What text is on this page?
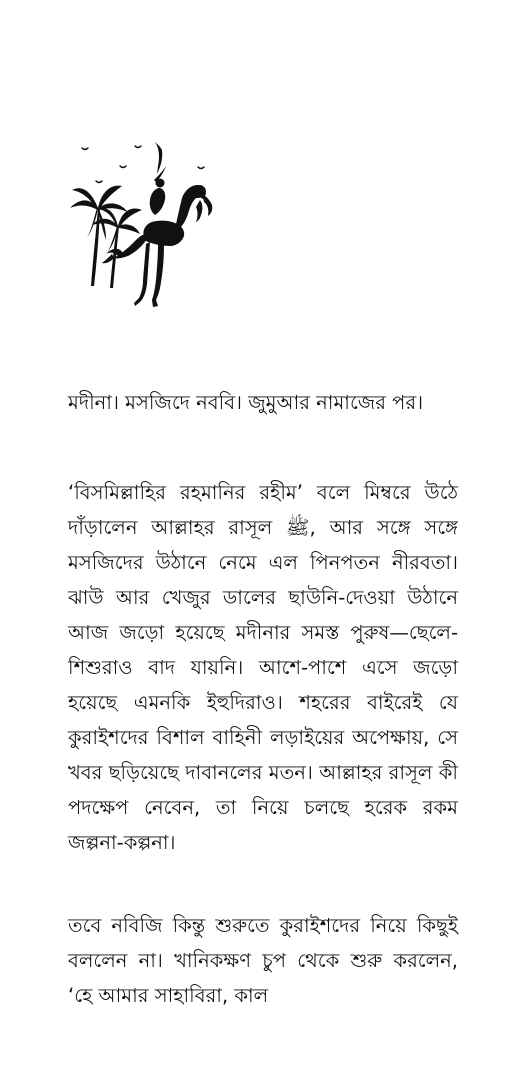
মদীনা। মসজিদে নববি। জুমুআর নামাজের পর।

‘বিসমিল্লাহির রহমানির রহীম’ বলে মিম্বরে উঠে দাঁড়ালেন আল্লাহর রাসূল ﷺ, আর সঙ্গে সঙ্গে মসজিদের উঠানে নেমে এল পিনপতন নীরবতা। ঝাউ আর খেজুর ডালের ছাউনি-দেওয়া উঠানে আজ জড়ো হয়েছে মদীনার সমস্ত পুরুষ—ছেলে-শিশুরাও বাদ যায়নি। আশে-পাশে এসে জড়ো হয়েছে এমনকি ইহুদিরাও। শহরের বাইরেই যে কুরাইশদের বিশাল বাহিনী লড়াইয়ের অপেক্ষায়, সে খবর ছড়িয়েছে দাবানলের মতন। আল্লাহর রাসূল কী পদক্ষেপ নেবেন, তা নিয়ে চলছে হরেক রকম জল্পনা-কল্পনা।

তবে নবিজি কিন্তু শুরুতে কুরাইশদের নিয়ে কিছুই বললেন না। খানিকক্ষণ চুপ থেকে শুরু করলেন, ‘হে আমার সাহাবিরা, কাল
